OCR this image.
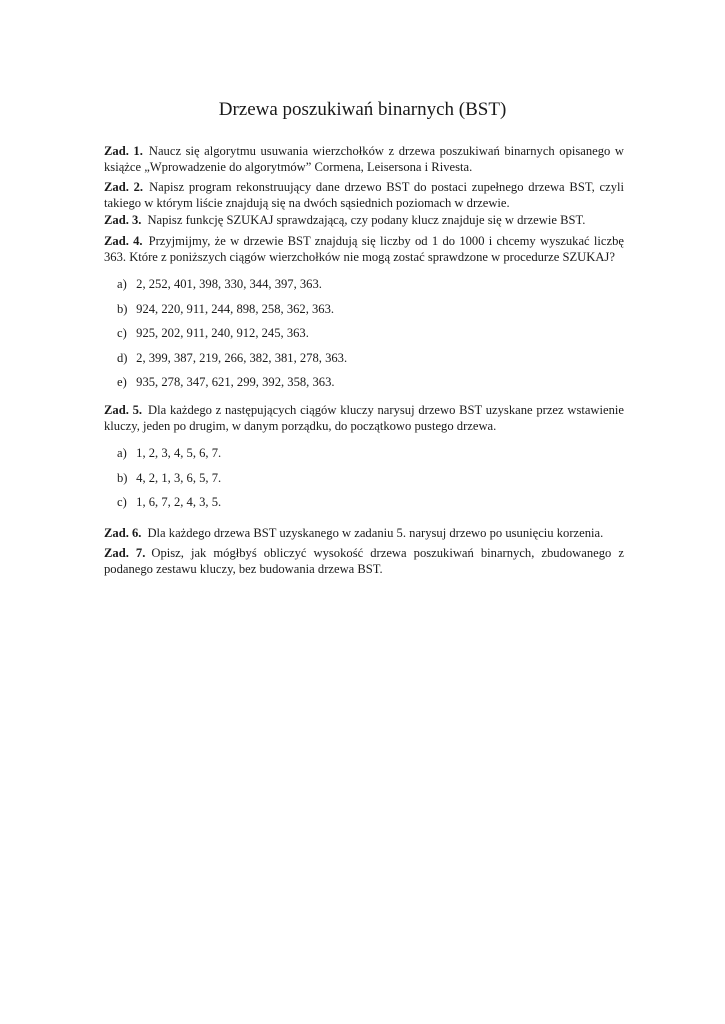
Drzewa poszukiwań binarnych (BST)

Zad. 1. Naucz się algorytmu usuwania wierzchołków z drzewa poszukiwań binarnych opisanego w książce „Wprowadzenie do algorytmów” Cormena, Leisersona i Rivesta.

Zad. 2. Napisz program rekonstruujący dane drzewo BST do postaci zupełnego drzewa BST, czyli takiego w którym liście znajdują się na dwóch sąsiednich poziomach w drzewie.

Zad. 3. Napisz funkcję SZUKAJ sprawdzającą, czy podany klucz znajduje się w drzewie BST.

Zad. 4. Przyjmijmy, że w drzewie BST znajdują się liczby od 1 do 1000 i chcemy wyszukać liczbę 363. Które z poniższych ciągów wierzchołków nie mogą zostać sprawdzone w procedurze SZUKAJ?

a) 2, 252, 401, 398, 330, 344, 397, 363.
b) 924, 220, 911, 244, 898, 258, 362, 363.
c) 925, 202, 911, 240, 912, 245, 363.
d) 2, 399, 387, 219, 266, 382, 381, 278, 363.
e) 935, 278, 347, 621, 299, 392, 358, 363.

Zad. 5. Dla każdego z następujących ciągów kluczy narysuj drzewo BST uzyskane przez wstawienie kluczy, jeden po drugim, w danym porządku, do początkowo pustego drzewa.

a) 1, 2, 3, 4, 5, 6, 7.
b) 4, 2, 1, 3, 6, 5, 7.
c) 1, 6, 7, 2, 4, 3, 5.

Zad. 6. Dla każdego drzewa BST uzyskanego w zadaniu 5. narysuj drzewo po usunięciu korzenia.

Zad. 7. Opisz, jak mógłbyś obliczyć wysokość drzewa poszukiwań binarnych, zbudowanego z podanego zestawu kluczy, bez budowania drzewa BST.
